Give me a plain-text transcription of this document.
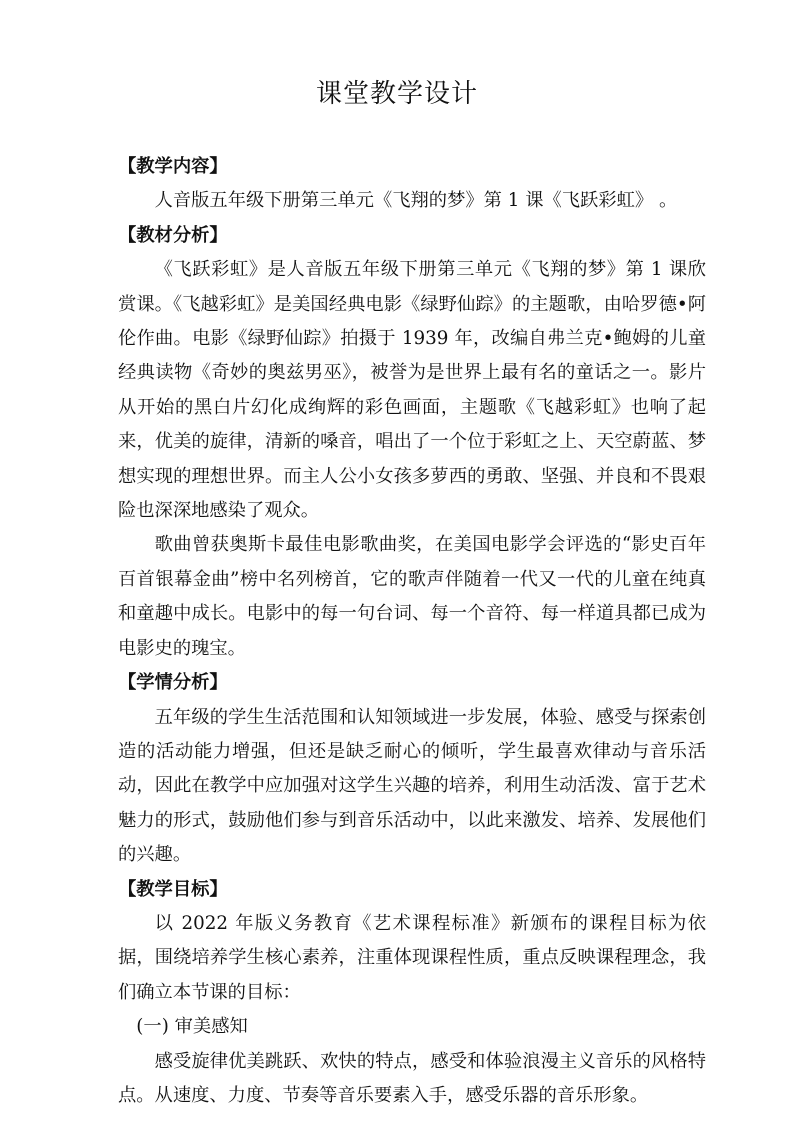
课堂教学设计

【教学内容】

人音版五年级下册第三单元《飞翔的梦》第 1 课《飞跃彩虹》 。

【教材分析】

《飞跃彩虹》是人音版五年级下册第三单元《飞翔的梦》第 1 课欣赏课。《飞越彩虹》是美国经典电影《绿野仙踪》的主题歌，由哈罗德•阿伦作曲。电影《绿野仙踪》拍摄于 1939 年，改编自弗兰克•鲍姆的儿童经典读物《奇妙的奥兹男巫》，被誉为是世界上最有名的童话之一。影片从开始的黑白片幻化成绚辉的彩色画面，主题歌《飞越彩虹》也响了起来，优美的旋律，清新的嗓音，唱出了一个位于彩虹之上、天空蔚蓝、梦想实现的理想世界。而主人公小女孩多萝西的勇敢、坚强、并良和不畏艰险也深深地感染了观众。

歌曲曾获奥斯卡最佳电影歌曲奖，在美国电影学会评选的“影史百年百首银幕金曲”榜中名列榜首，它的歌声伴随着一代又一代的儿童在纯真和童趣中成长。电影中的每一句台词、每一个音符、每一样道具都已成为电影史的瑰宝。

【学情分析】

五年级的学生生活范围和认知领域进一步发展，体验、感受与探索创造的活动能力增强，但还是缺乏耐心的倾听，学生最喜欢律动与音乐活动，因此在教学中应加强对这学生兴趣的培养，利用生动活泼、富于艺术魅力的形式，鼓励他们参与到音乐活动中，以此来激发、培养、发展他们的兴趣。

【教学目标】

以 2022 年版义务教育《艺术课程标准》新颁布的课程目标为依据，围绕培养学生核心素养，注重体现课程性质，重点反映课程理念，我们确立本节课的目标：

(一) 审美感知

感受旋律优美跳跃、欢快的特点，感受和体验浪漫主义音乐的风格特点。从速度、力度、节奏等音乐要素入手，感受乐器的音乐形象。
